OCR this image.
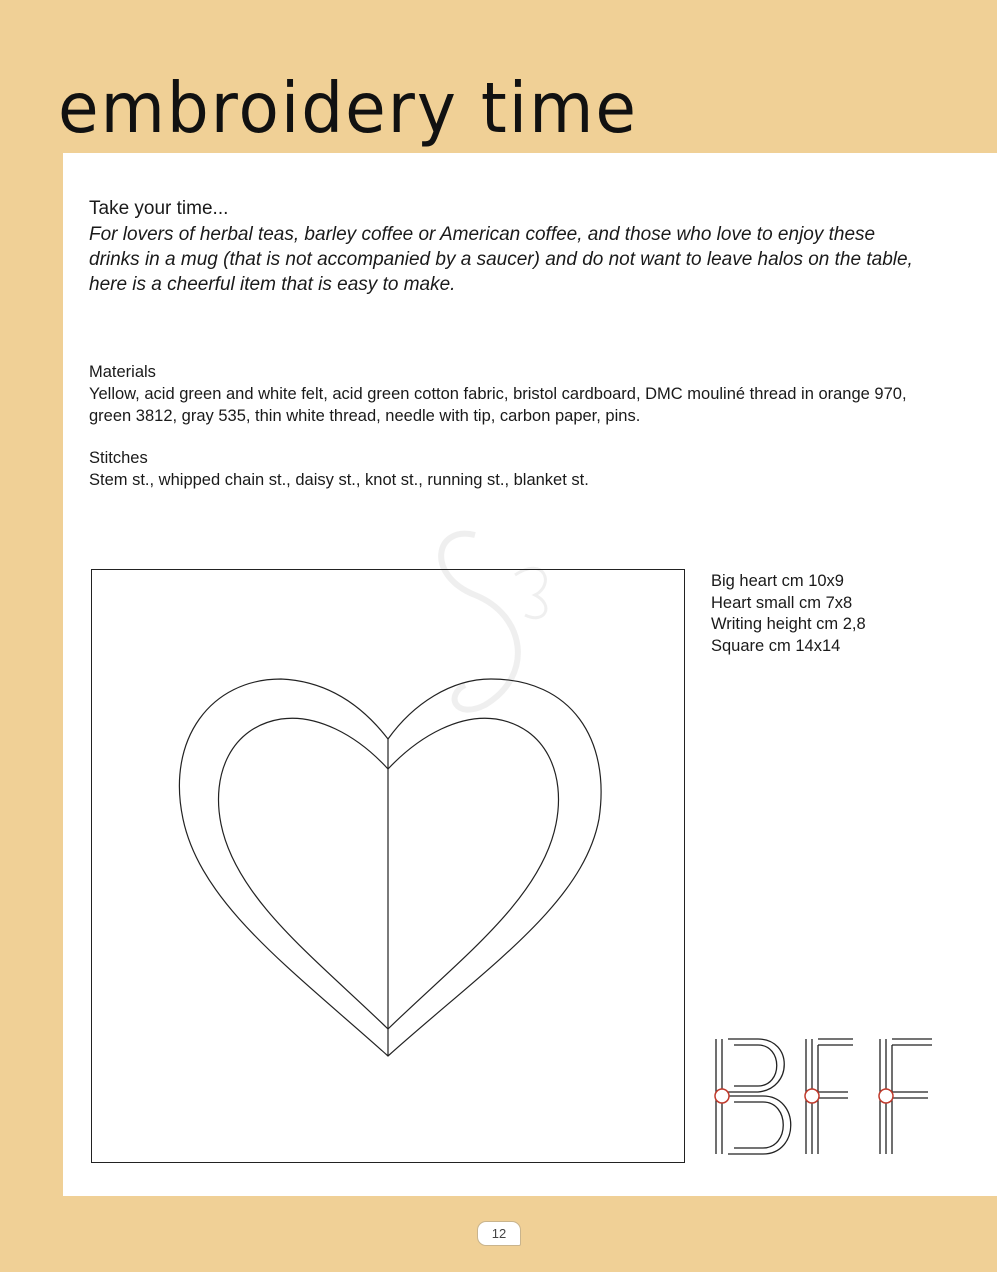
embroidery time

Take your time...

For lovers of herbal teas, barley coffee or American coffee, and those who love to enjoy these drinks in a mug (that is not accompanied by a saucer) and do not want to leave halos on the table, here is a cheerful item that is easy to make.

Materials
Yellow, acid green and white felt, acid green cotton fabric, bristol cardboard, DMC mouliné thread in orange 970, green 3812, gray 535, thin white thread, needle with tip, carbon paper, pins.
Stitches
Stem st., whipped chain st., daisy st., knot st., running st., blanket st.
Big heart cm 10x9
Heart small cm 7x8
Writing height cm 2,8
Square cm 14x14
12
